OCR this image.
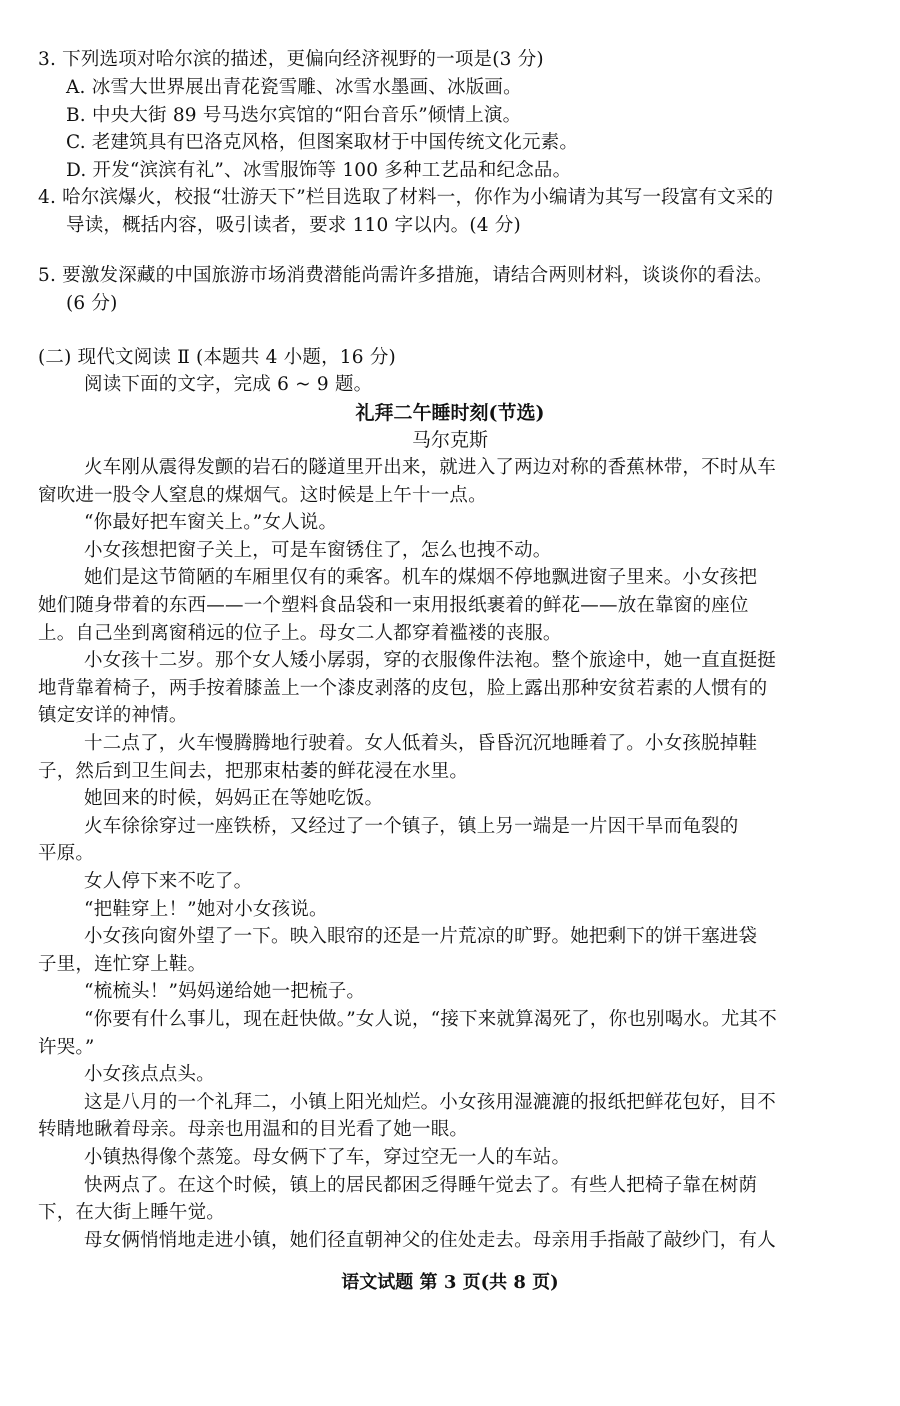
3. 下列选项对哈尔滨的描述，更偏向经济视野的一项是(3 分)
A. 冰雪大世界展出青花瓷雪雕、冰雪水墨画、冰版画。
B. 中央大街 89 号马迭尔宾馆的“阳台音乐”倾情上演。
C. 老建筑具有巴洛克风格，但图案取材于中国传统文化元素。
D. 开发“滨滨有礼”、冰雪服饰等 100 多种工艺品和纪念品。
4. 哈尔滨爆火，校报“壮游天下”栏目选取了材料一，你作为小编请为其写一段富有文采的
导读，概括内容，吸引读者，要求 110 字以内。(4 分)
5. 要激发深藏的中国旅游市场消费潜能尚需许多措施，请结合两则材料，谈谈你的看法。
(6 分)
(二) 现代文阅读 Ⅱ (本题共 4 小题，16 分)
阅读下面的文字，完成 6 ~ 9 题。
礼拜二午睡时刻(节选)
马尔克斯
火车刚从震得发颤的岩石的隧道里开出来，就进入了两边对称的香蕉林带，不时从车
窗吹进一股令人窒息的煤烟气。这时候是上午十一点。
“你最好把车窗关上。”女人说。
小女孩想把窗子关上，可是车窗锈住了，怎么也拽不动。
她们是这节简陋的车厢里仅有的乘客。机车的煤烟不停地飘进窗子里来。小女孩把
她们随身带着的东西——一个塑料食品袋和一束用报纸裹着的鲜花——放在靠窗的座位
上。自己坐到离窗稍远的位子上。母女二人都穿着褴褛的丧服。
小女孩十二岁。那个女人矮小孱弱，穿的衣服像件法袍。整个旅途中，她一直直挺挺
地背靠着椅子，两手按着膝盖上一个漆皮剥落的皮包，脸上露出那种安贫若素的人惯有的
镇定安详的神情。
十二点了，火车慢腾腾地行驶着。女人低着头，昏昏沉沉地睡着了。小女孩脱掉鞋
子，然后到卫生间去，把那束枯萎的鲜花浸在水里。
她回来的时候，妈妈正在等她吃饭。
火车徐徐穿过一座铁桥，又经过了一个镇子，镇上另一端是一片因干旱而龟裂的
平原。
女人停下来不吃了。
“把鞋穿上！”她对小女孩说。
小女孩向窗外望了一下。映入眼帘的还是一片荒凉的旷野。她把剩下的饼干塞进袋
子里，连忙穿上鞋。
“梳梳头！”妈妈递给她一把梳子。
“你要有什么事儿，现在赶快做。”女人说，“接下来就算渴死了，你也别喝水。尤其不
许哭。”
小女孩点点头。
这是八月的一个礼拜二，小镇上阳光灿烂。小女孩用湿漉漉的报纸把鲜花包好，目不
转睛地瞅着母亲。母亲也用温和的目光看了她一眼。
小镇热得像个蒸笼。母女俩下了车，穿过空无一人的车站。
快两点了。在这个时候，镇上的居民都困乏得睡午觉去了。有些人把椅子靠在树荫
下，在大街上睡午觉。
母女俩悄悄地走进小镇，她们径直朝神父的住处走去。母亲用手指敲了敲纱门，有人
语文试题 第 3 页(共 8 页)
